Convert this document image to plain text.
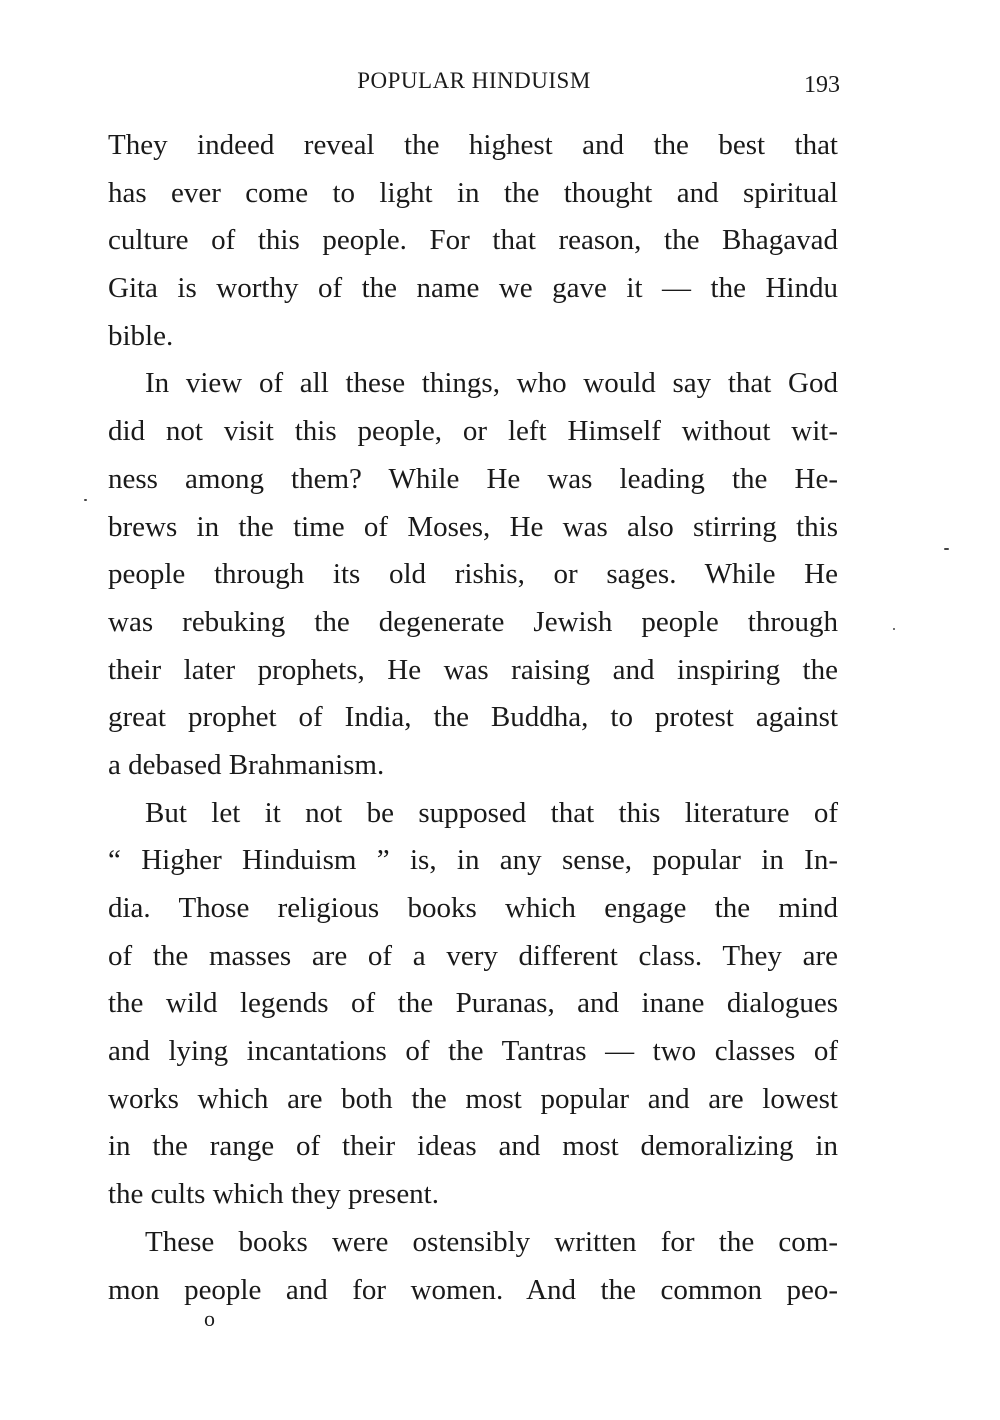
POPULAR HINDUISM	193
They indeed reveal the highest and the best that
has ever come to light in the thought and spiritual
culture of this people. For that reason, the Bhagavad
Gita is worthy of the name we gave it — the Hindu
bible.
In view of all these things, who would say that God
did not visit this people, or left Himself without wit-
ness among them? While He was leading the He-
brews in the time of Moses, He was also stirring this
people through its old rishis, or sages. While He
was rebuking the degenerate Jewish people through
their later prophets, He was raising and inspiring the
great prophet of India, the Buddha, to protest against
a debased Brahmanism.
But let it not be supposed that this literature of
“ Higher Hinduism ” is, in any sense, popular in In-
dia. Those religious books which engage the mind
of the masses are of a very different class. They are
the wild legends of the Puranas, and inane dialogues
and lying incantations of the Tantras — two classes of
works which are both the most popular and are lowest
in the range of their ideas and most demoralizing in
the cults which they present.
These books were ostensibly written for the com-
mon people and for women. And the common peo-
o
